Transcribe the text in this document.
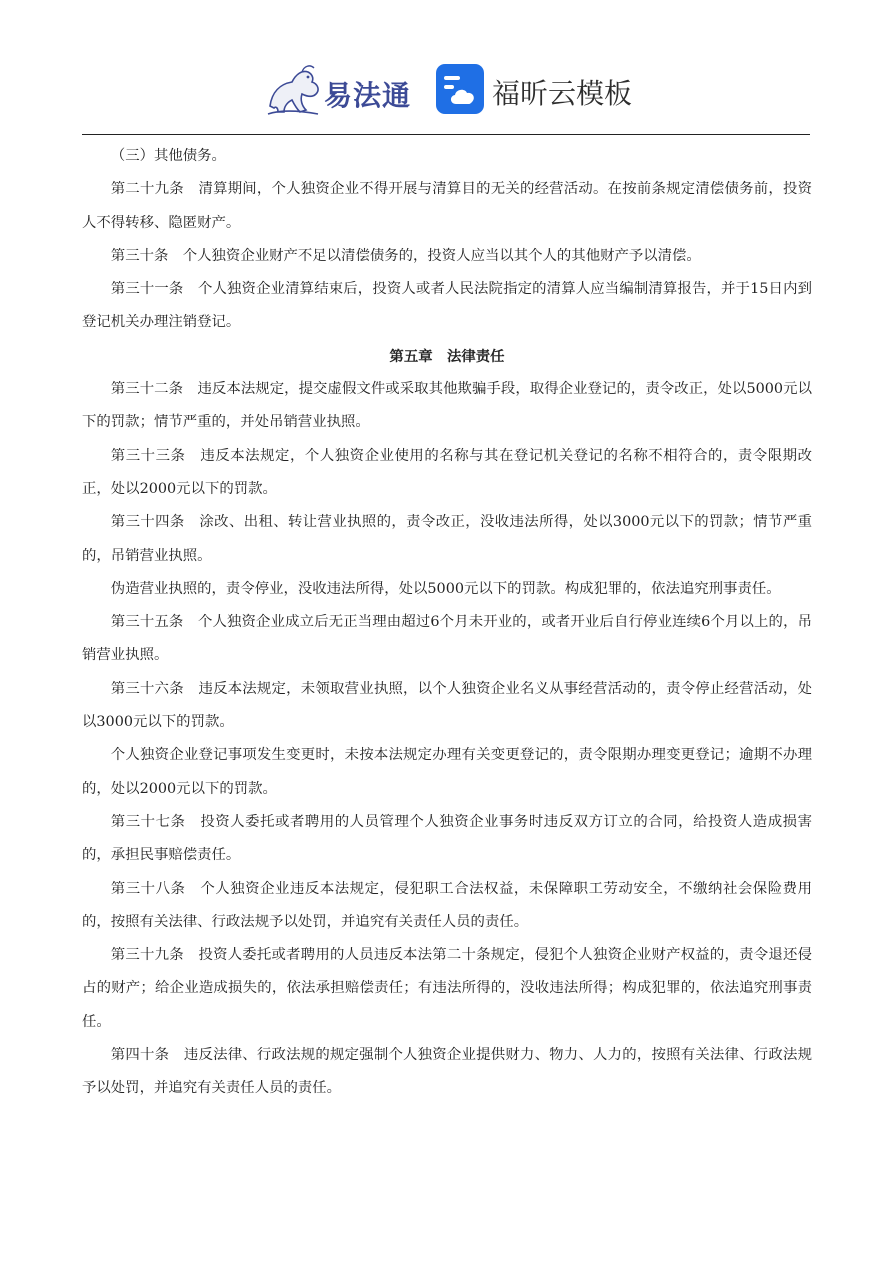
易法通	福昕云模板

（三）其他债务。

第二十九条　清算期间，个人独资企业不得开展与清算目的无关的经营活动。在按前条规定清偿债务前，投资人不得转移、隐匿财产。

第三十条　个人独资企业财产不足以清偿债务的，投资人应当以其个人的其他财产予以清偿。

第三十一条　个人独资企业清算结束后，投资人或者人民法院指定的清算人应当编制清算报告，并于15日内到登记机关办理注销登记。

第五章　法律责任

第三十二条　违反本法规定，提交虚假文件或采取其他欺骗手段，取得企业登记的，责令改正，处以5000元以下的罚款；情节严重的，并处吊销营业执照。

第三十三条　违反本法规定，个人独资企业使用的名称与其在登记机关登记的名称不相符合的，责令限期改正，处以2000元以下的罚款。

第三十四条　涂改、出租、转让营业执照的，责令改正，没收违法所得，处以3000元以下的罚款；情节严重的，吊销营业执照。

伪造营业执照的，责令停业，没收违法所得，处以5000元以下的罚款。构成犯罪的，依法追究刑事责任。

第三十五条　个人独资企业成立后无正当理由超过6个月未开业的，或者开业后自行停业连续6个月以上的，吊销营业执照。

第三十六条　违反本法规定，未领取营业执照，以个人独资企业名义从事经营活动的，责令停止经营活动，处以3000元以下的罚款。

个人独资企业登记事项发生变更时，未按本法规定办理有关变更登记的，责令限期办理变更登记；逾期不办理的，处以2000元以下的罚款。

第三十七条　投资人委托或者聘用的人员管理个人独资企业事务时违反双方订立的合同，给投资人造成损害的，承担民事赔偿责任。

第三十八条　个人独资企业违反本法规定，侵犯职工合法权益，未保障职工劳动安全，不缴纳社会保险费用的，按照有关法律、行政法规予以处罚，并追究有关责任人员的责任。

第三十九条　投资人委托或者聘用的人员违反本法第二十条规定，侵犯个人独资企业财产权益的，责令退还侵占的财产；给企业造成损失的，依法承担赔偿责任；有违法所得的，没收违法所得；构成犯罪的，依法追究刑事责任。

第四十条　违反法律、行政法规的规定强制个人独资企业提供财力、物力、人力的，按照有关法律、行政法规予以处罚，并追究有关责任人员的责任。
